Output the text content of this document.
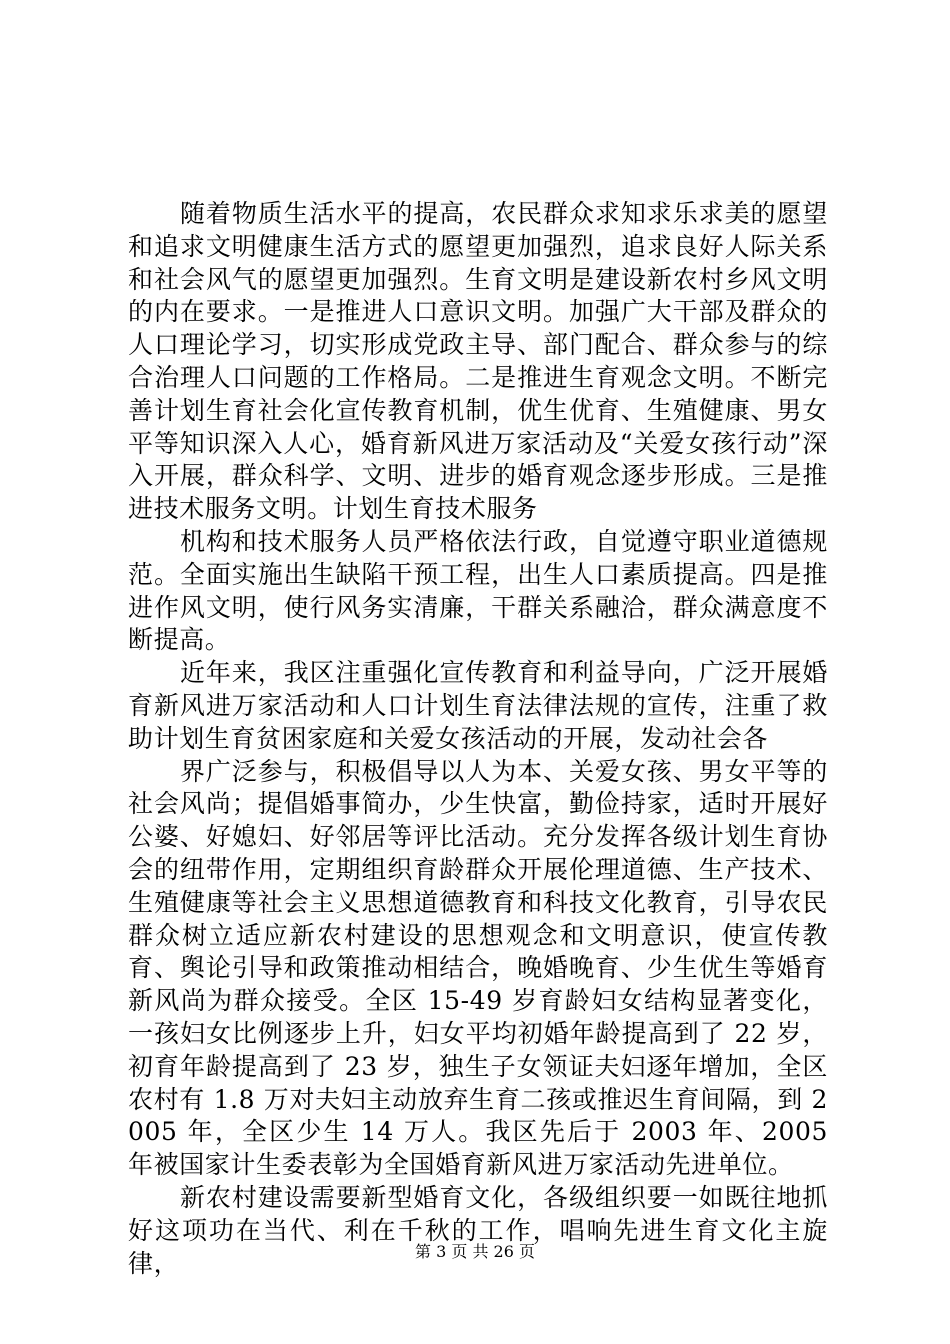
随着物质生活水平的提高，农民群众求知求乐求美的愿望和追求文明健康生活方式的愿望更加强烈，追求良好人际关系和社会风气的愿望更加强烈。生育文明是建设新农村乡风文明的内在要求。一是推进人口意识文明。加强广大干部及群众的人口理论学习，切实形成党政主导、部门配合、群众参与的综合治理人口问题的工作格局。二是推进生育观念文明。不断完善计划生育社会化宣传教育机制，优生优育、生殖健康、男女平等知识深入人心，婚育新风进万家活动及“关爱女孩行动”深入开展，群众科学、文明、进步的婚育观念逐步形成。三是推进技术服务文明。计划生育技术服务

机构和技术服务人员严格依法行政，自觉遵守职业道德规范。全面实施出生缺陷干预工程，出生人口素质提高。四是推进作风文明，使行风务实清廉，干群关系融洽，群众满意度不断提高。

近年来，我区注重强化宣传教育和利益导向，广泛开展婚育新风进万家活动和人口计划生育法律法规的宣传，注重了救助计划生育贫困家庭和关爱女孩活动的开展，发动社会各

界广泛参与，积极倡导以人为本、关爱女孩、男女平等的社会风尚；提倡婚事简办，少生快富，勤俭持家，适时开展好公婆、好媳妇、好邻居等评比活动。充分发挥各级计划生育协会的纽带作用，定期组织育龄群众开展伦理道德、生产技术、生殖健康等社会主义思想道德教育和科技文化教育，引导农民群众树立适应新农村建设的思想观念和文明意识，使宣传教育、舆论引导和政策推动相结合，晚婚晚育、少生优生等婚育新风尚为群众接受。全区 15-49 岁育龄妇女结构显著变化，一孩妇女比例逐步上升，妇女平均初婚年龄提高到了 22 岁，初育年龄提高到了 23 岁，独生子女领证夫妇逐年增加，全区农村有 1.8 万对夫妇主动放弃生育二孩或推迟生育间隔，到 2005 年，全区少生 14 万人。我区先后于 2003 年、2005 年被国家计生委表彰为全国婚育新风进万家活动先进单位。

新农村建设需要新型婚育文化，各级组织要一如既往地抓好这项功在当代、利在千秋的工作，唱响先进生育文化主旋律，	第 3 页 共 26 页
